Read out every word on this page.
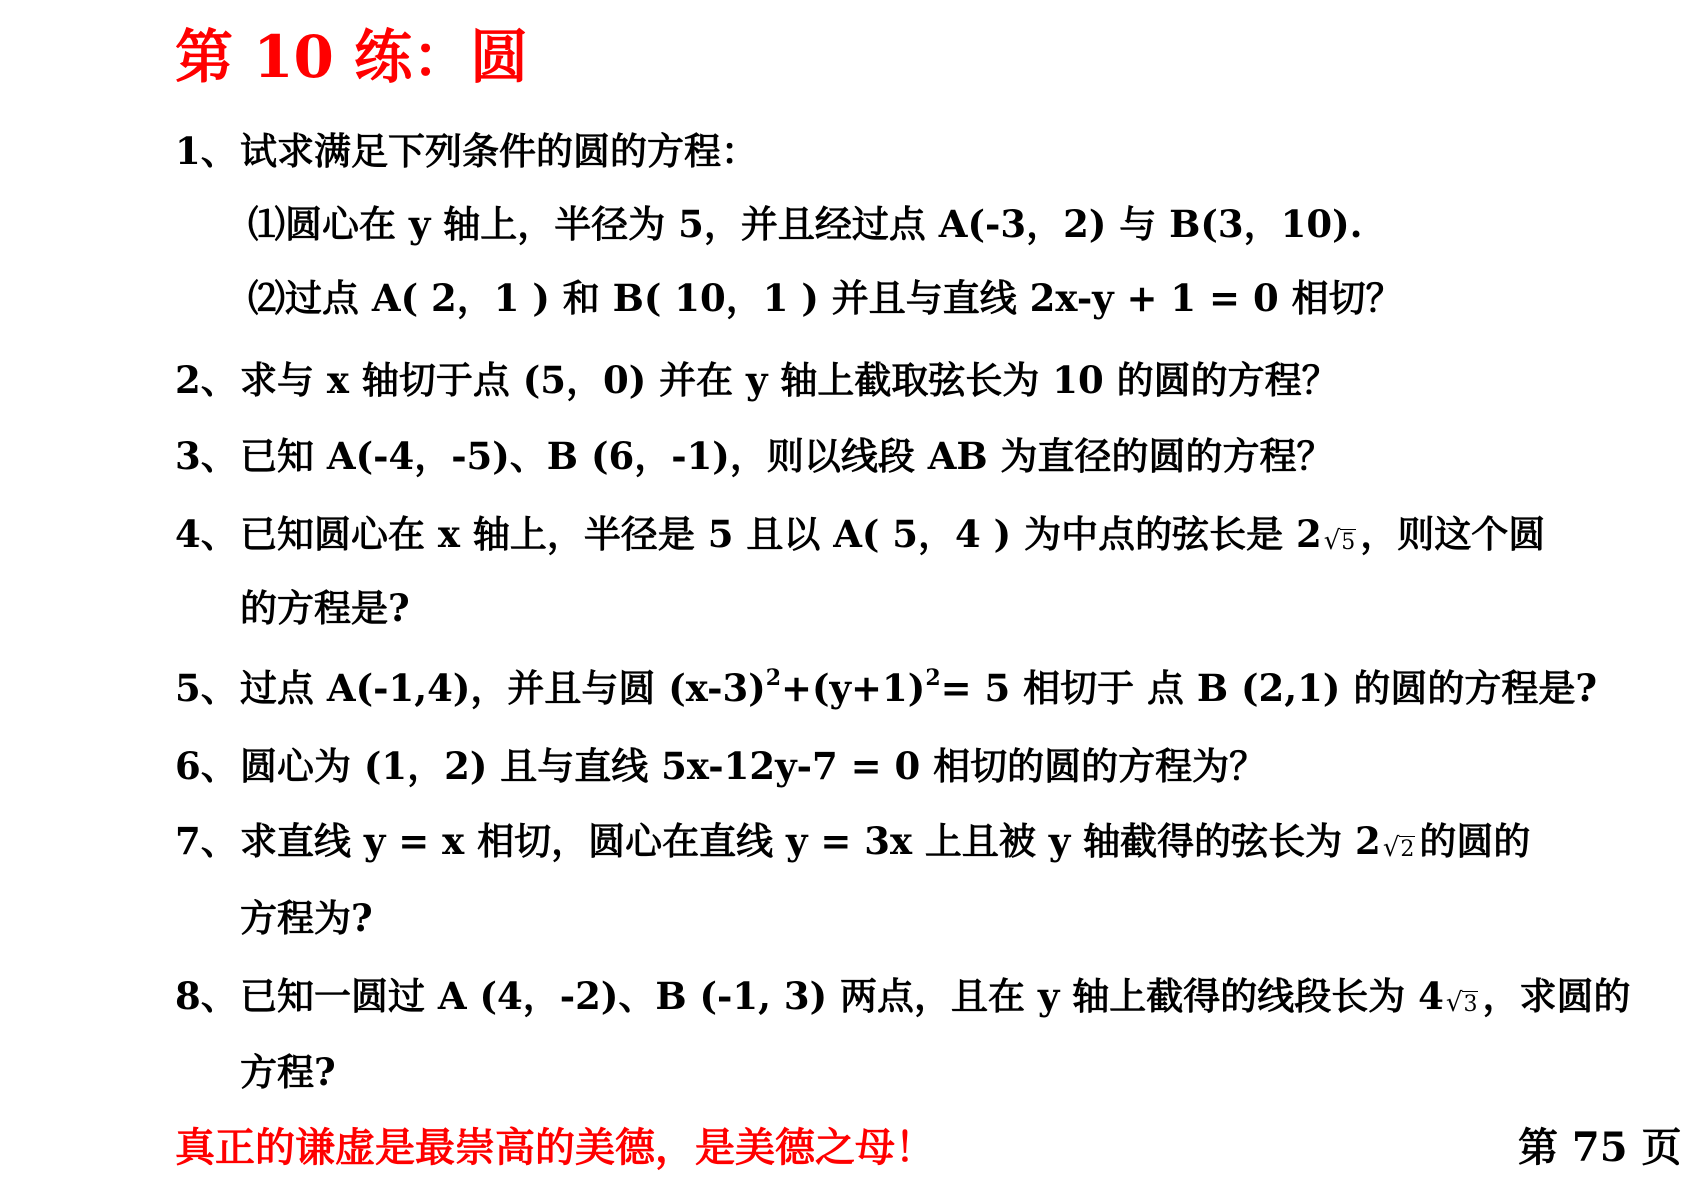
第 10 练：圆
1、 试求满足下列条件的圆的方程：
⑴圆心在 y 轴上，半径为 5，并且经过点 A(-3，2) 与 B(3，10).
⑵过点 A( 2，1 ) 和 B( 10，1 ) 并且与直线 2x-y + 1 = 0 相切？
2、 求与 x 轴切于点 (5，0) 并在 y 轴上截取弦长为 10 的圆的方程？
3、 已知 A(-4，-5)、B (6，-1)，则以线段 AB 为直径的圆的方程？
4、 已知圆心在 x 轴上，半径是 5 且以 A( 5，4 ) 为中点的弦长是 2√5 ，则这个圆
的方程是?
5、 过点 A(-1,4)，并且与圆 $(x-3)^2+(y+1)^2= 5$ 相切于 点 B (2,1) 的圆的方程是?
6、 圆心为 (1，2) 且与直线 5x-12y-7 = 0 相切的圆的方程为？
7、 求直线 y = x 相切，圆心在直线 y = 3x 上且被 y 轴截得的弦长为 2√2 的圆的
方程为?
8、 已知一圆过 A (4，-2)、B (-1, 3) 两点，且在 y 轴上截得的线段长为 4√3 ，求圆的
方程?
真正的谦虚是最崇高的美德，是美德之母！	第 75 页
